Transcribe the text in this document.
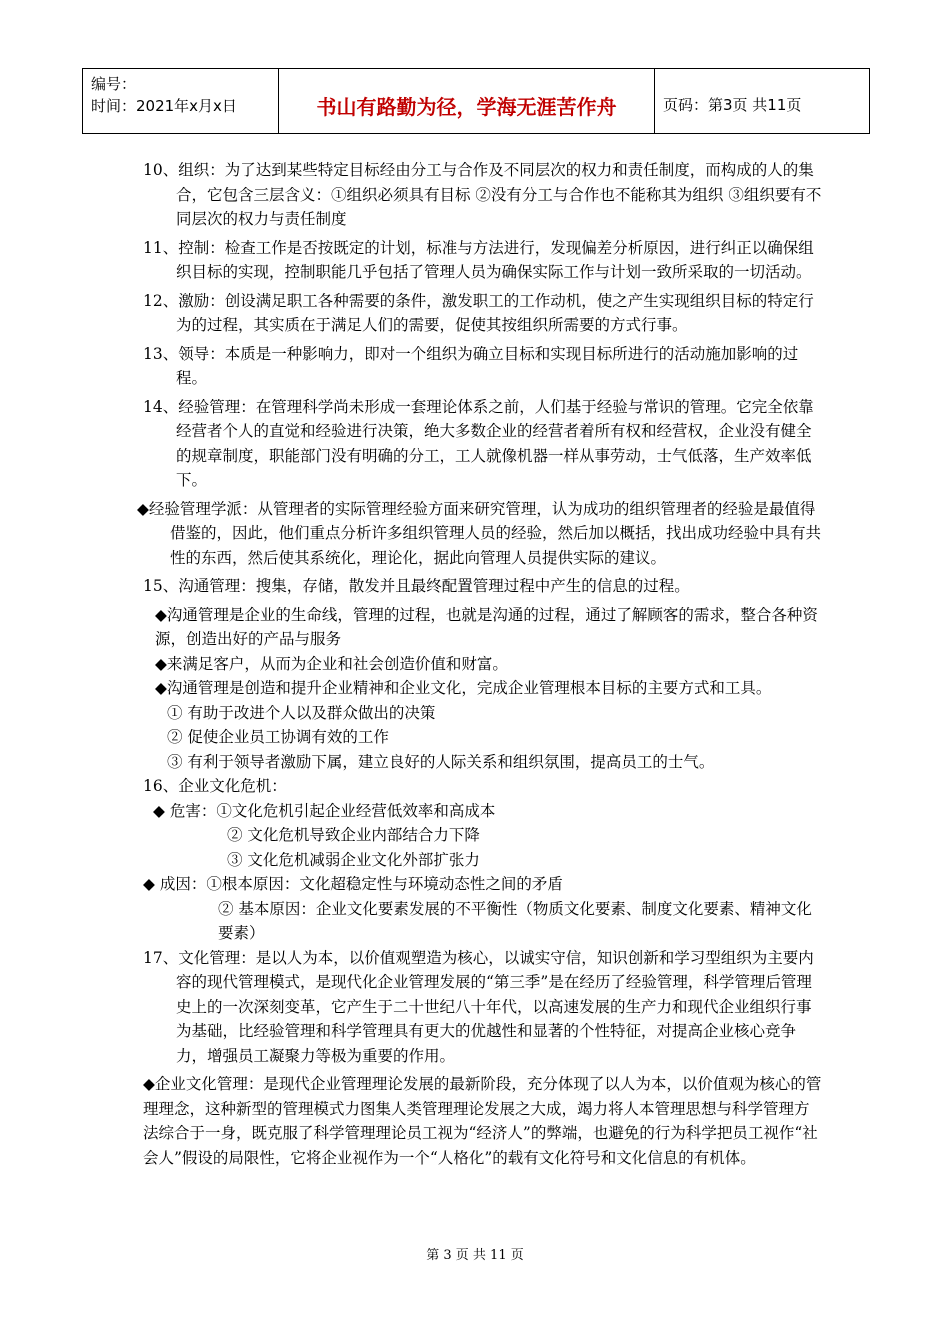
编号：
时间：2021年x月x日	书山有路勤为径，学海无涯苦作舟	页码：第3页 共11页

10、组织：为了达到某些特定目标经由分工与合作及不同层次的权力和责任制度，而构成的人的集合，它包含三层含义：①组织必须具有目标 ②没有分工与合作也不能称其为组织 ③组织要有不同层次的权力与责任制度

11、控制：检查工作是否按既定的计划，标准与方法进行，发现偏差分析原因，进行纠正以确保组织目标的实现，控制职能几乎包括了管理人员为确保实际工作与计划一致所采取的一切活动。

12、激励：创设满足职工各种需要的条件，激发职工的工作动机，使之产生实现组织目标的特定行为的过程，其实质在于满足人们的需要，促使其按组织所需要的方式行事。

13、领导：本质是一种影响力，即对一个组织为确立目标和实现目标所进行的活动施加影响的过程。

14、经验管理：在管理科学尚未形成一套理论体系之前，人们基于经验与常识的管理。它完全依靠经营者个人的直觉和经验进行决策，绝大多数企业的经营者着所有权和经营权，企业没有健全的规章制度，职能部门没有明确的分工，工人就像机器一样从事劳动，士气低落，生产效率低下。

◆经验管理学派：从管理者的实际管理经验方面来研究管理，认为成功的组织管理者的经验是最值得借鉴的，因此，他们重点分析许多组织管理人员的经验，然后加以概括，找出成功经验中具有共性的东西，然后使其系统化，理论化，据此向管理人员提供实际的建议。

15、沟通管理：搜集，存储，散发并且最终配置管理过程中产生的信息的过程。

◆沟通管理是企业的生命线，管理的过程，也就是沟通的过程，通过了解顾客的需求，整合各种资源，创造出好的产品与服务

◆来满足客户，从而为企业和社会创造价值和财富。

◆沟通管理是创造和提升企业精神和企业文化，完成企业管理根本目标的主要方式和工具。

① 有助于改进个人以及群众做出的决策

② 促使企业员工协调有效的工作

③ 有利于领导者激励下属，建立良好的人际关系和组织氛围，提高员工的士气。

16、企业文化危机：

◆ 危害：①文化危机引起企业经营低效率和高成本

② 文化危机导致企业内部结合力下降

③ 文化危机减弱企业文化外部扩张力

◆ 成因：①根本原因：文化超稳定性与环境动态性之间的矛盾

② 基本原因：企业文化要素发展的不平衡性（物质文化要素、制度文化要素、精神文化要素）

17、文化管理：是以人为本，以价值观塑造为核心，以诚实守信，知识创新和学习型组织为主要内容的现代管理模式，是现代化企业管理发展的“第三季”是在经历了经验管理，科学管理后管理史上的一次深刻变革，它产生于二十世纪八十年代，以高速发展的生产力和现代企业组织行事为基础，比经验管理和科学管理具有更大的优越性和显著的个性特征，对提高企业核心竞争力，增强员工凝聚力等极为重要的作用。

◆企业文化管理：是现代企业管理理论发展的最新阶段，充分体现了以人为本，以价值观为核心的管理理念，这种新型的管理模式力图集人类管理理论发展之大成，竭力将人本管理思想与科学管理方法综合于一身，既克服了科学管理理论员工视为“经济人”的弊端，也避免的行为科学把员工视作“社会人”假设的局限性，它将企业视作为一个“人格化”的载有文化符号和文化信息的有机体。

第 3 页 共 11 页
